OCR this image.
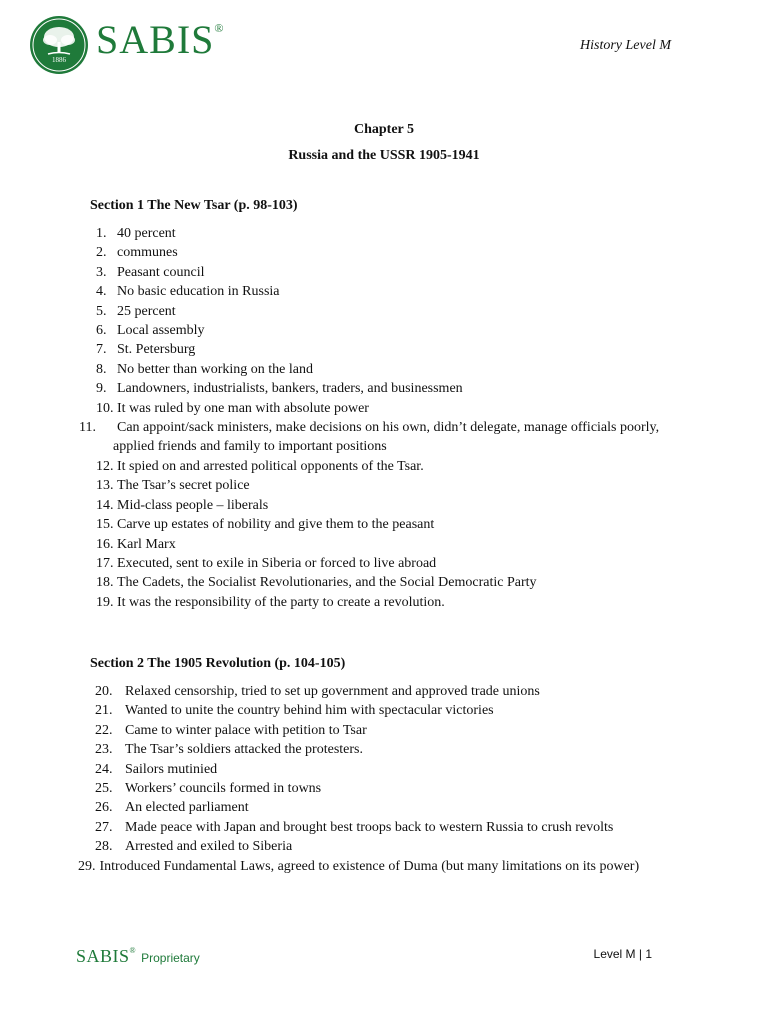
1886 SABIS®
History Level M
Chapter 5
Russia and the USSR 1905-1941
Section 1 The New Tsar (p. 98-103)
1. 40 percent
2. communes
3. Peasant council
4. No basic education in Russia
5. 25 percent
6. Local assembly
7. St. Petersburg
8. No better than working on the land
9. Landowners, industrialists, bankers, traders, and businessmen
10. It was ruled by one man with absolute power
11. Can appoint/sack ministers, make decisions on his own, didn’t delegate, manage officials poorly, applied friends and family to important positions
12. It spied on and arrested political opponents of the Tsar.
13. The Tsar’s secret police
14. Mid-class people – liberals
15. Carve up estates of nobility and give them to the peasant
16. Karl Marx
17. Executed, sent to exile in Siberia or forced to live abroad
18. The Cadets, the Socialist Revolutionaries, and the Social Democratic Party
19. It was the responsibility of the party to create a revolution.
Section 2 The 1905 Revolution (p. 104-105)
20. Relaxed censorship, tried to set up government and approved trade unions
21. Wanted to unite the country behind him with spectacular victories
22. Came to winter palace with petition to Tsar
23. The Tsar’s soldiers attacked the protesters.
24. Sailors mutinied
25. Workers’ councils formed in towns
26. An elected parliament
27. Made peace with Japan and brought best troops back to western Russia to crush revolts
28. Arrested and exiled to Siberia
29. Introduced Fundamental Laws, agreed to existence of Duma (but many limitations on its power)
SABIS® Proprietary	Level M | 1
